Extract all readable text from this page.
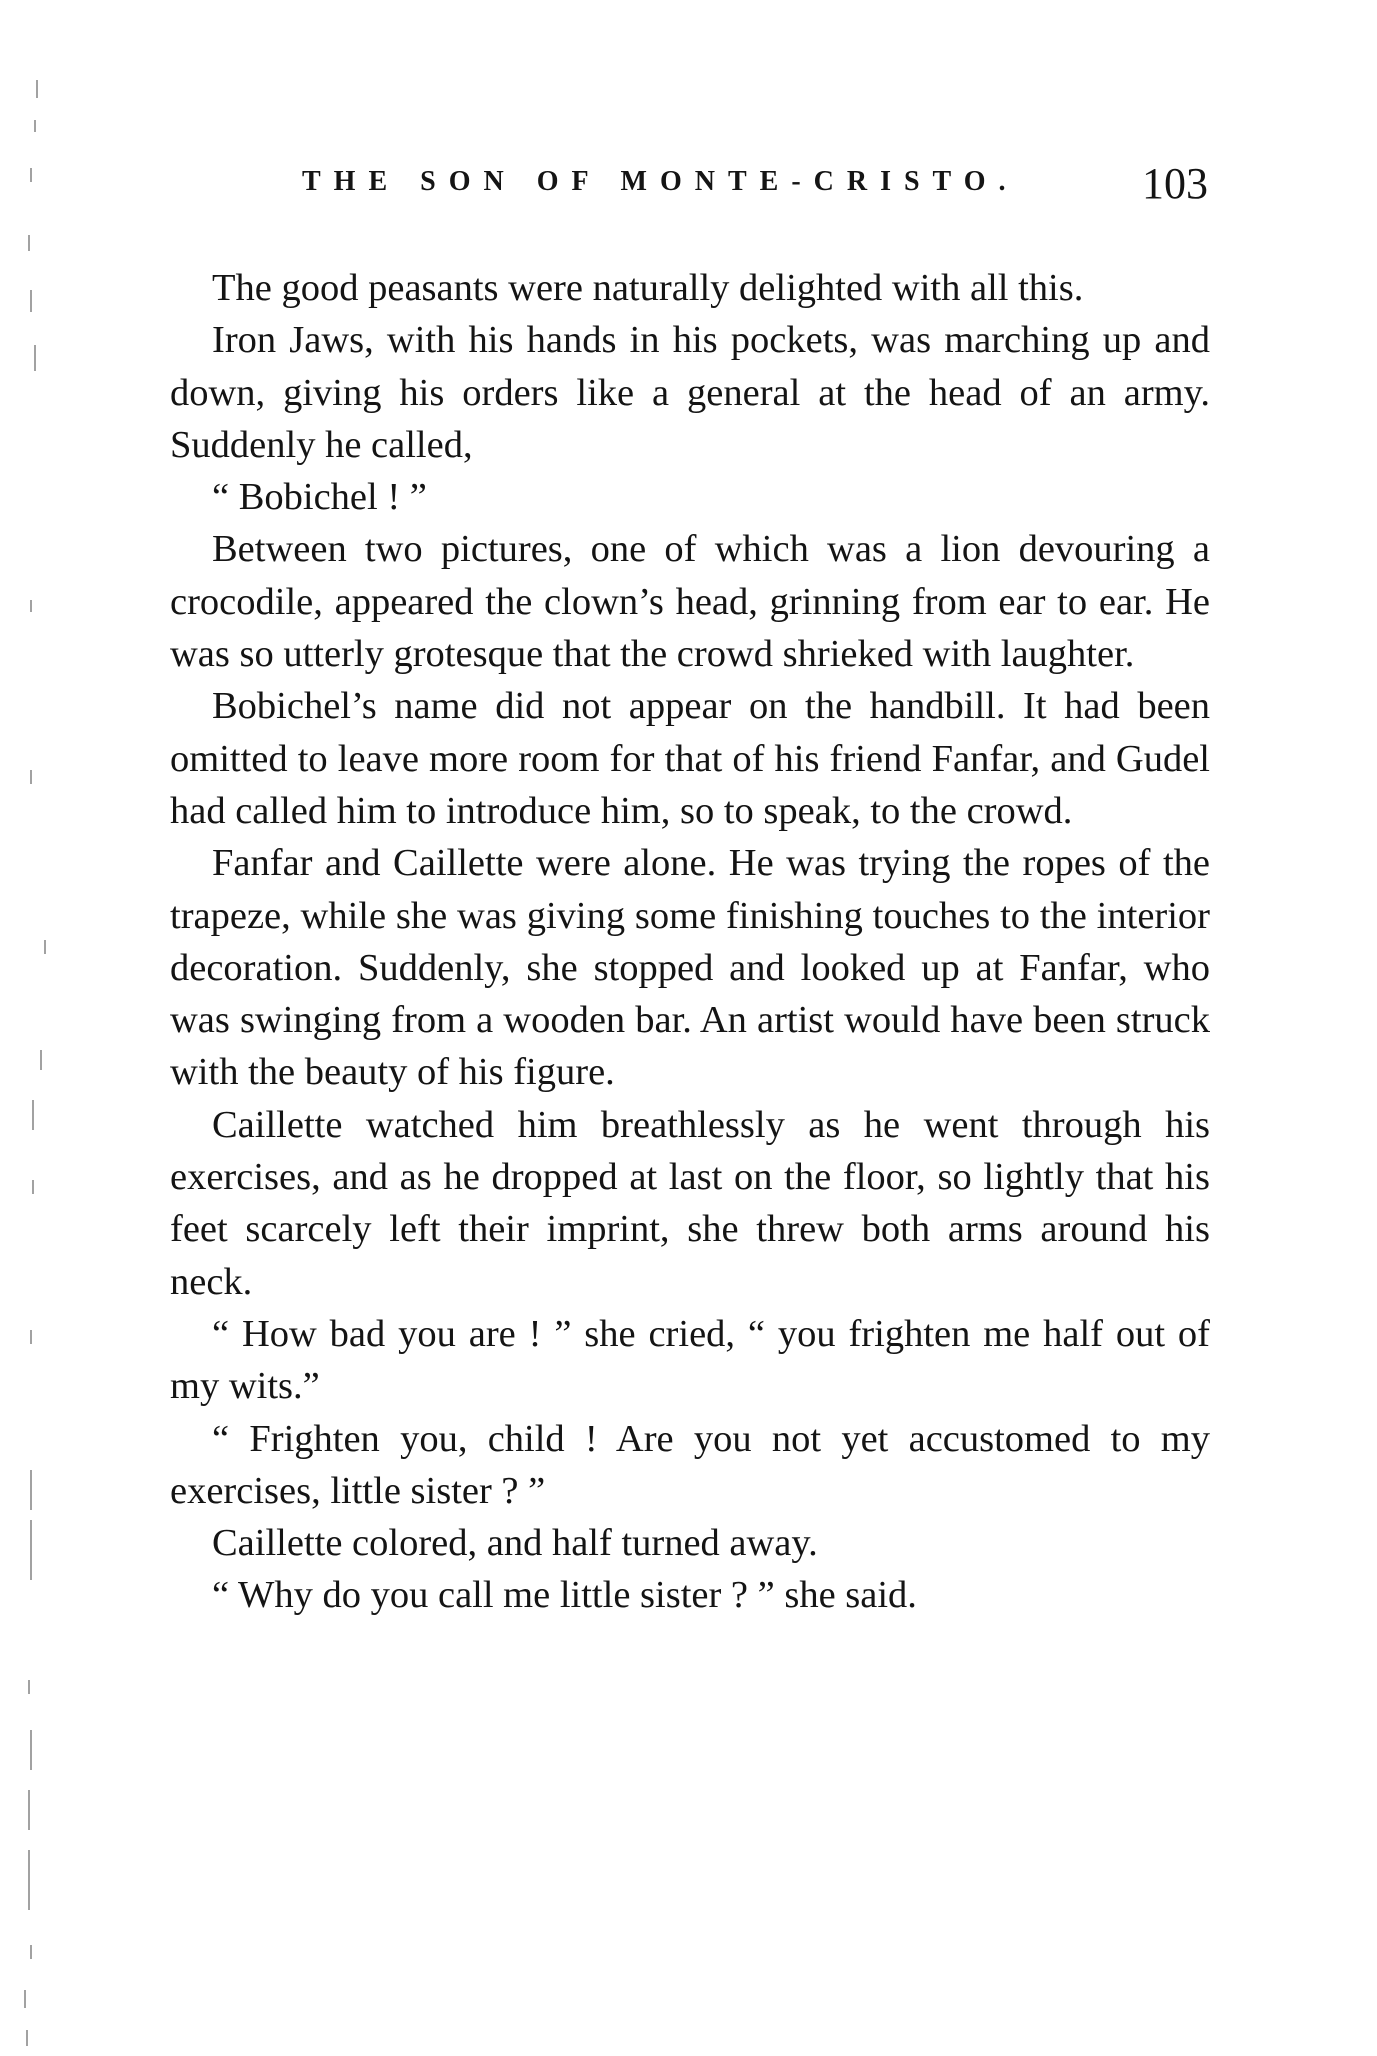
THE SON OF MONTE-CRISTO.	103

The good peasants were naturally delighted with all this.

Iron Jaws, with his hands in his pockets, was marching up and down, giving his orders like a general at the head of an army. Suddenly he called,

“ Bobichel ! ”

Between two pictures, one of which was a lion devouring a crocodile, appeared the clown’s head, grinning from ear to ear. He was so utterly grotesque that the crowd shrieked with laughter.

Bobichel’s name did not appear on the handbill. It had been omitted to leave more room for that of his friend Fanfar, and Gudel had called him to introduce him, so to speak, to the crowd.

Fanfar and Caillette were alone. He was trying the ropes of the trapeze, while she was giving some finishing touches to the interior decoration. Suddenly, she stopped and looked up at Fanfar, who was swinging from a wooden bar. An artist would have been struck with the beauty of his figure.

Caillette watched him breathlessly as he went through his exercises, and as he dropped at last on the floor, so lightly that his feet scarcely left their imprint, she threw both arms around his neck.

“ How bad you are ! ” she cried, “ you frighten me half out of my wits.”

“ Frighten you, child ! Are you not yet accustomed to my exercises, little sister ? ”

Caillette colored, and half turned away.

“ Why do you call me little sister ? ” she said.
